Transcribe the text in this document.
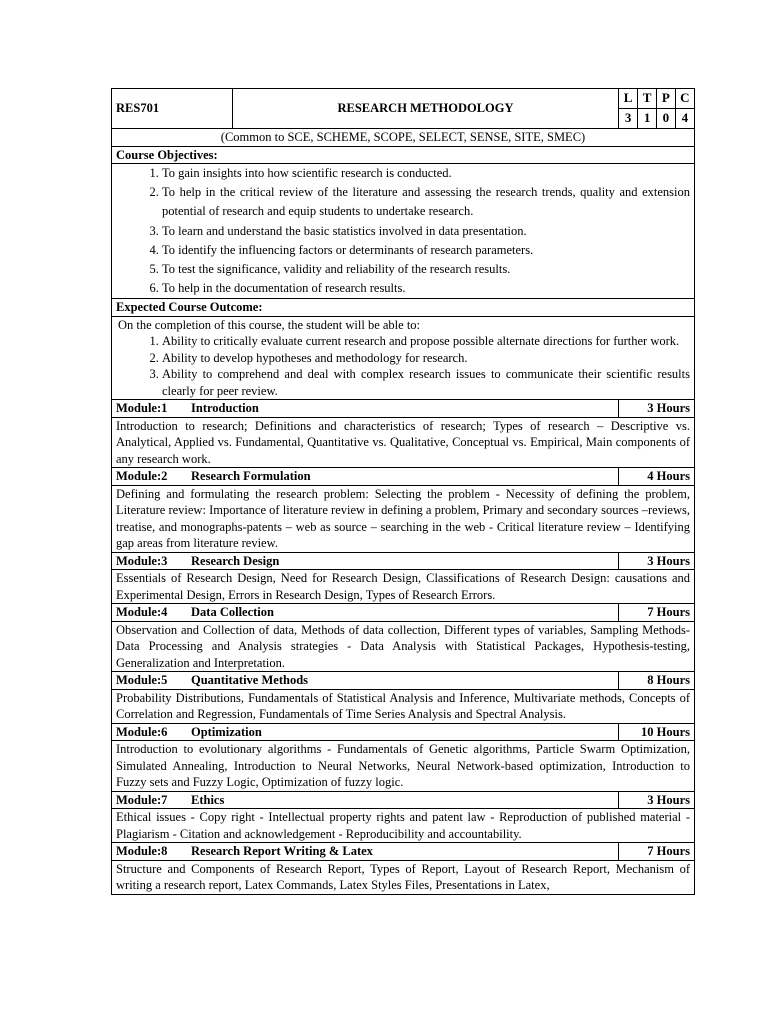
RES701	RESEARCH METHODOLOGY	
L	T	P	C
3	1	0	4

(Common to SCE, SCHEME, SCOPE, SELECT, SENSE, SITE, SMEC)
Course Objectives:

1. To gain insights into how scientific research is conducted.
2. To help in the critical review of the literature and assessing the research trends, quality and extension potential of research and equip students to undertake research.
3. To learn and understand the basic statistics involved in data presentation.
4. To identify the influencing factors or determinants of research parameters.
5. To test the significance, validity and reliability of the research results.
6. To help in the documentation of research results.

Expected Course Outcome:

On the completion of this course, the student will be able to:
1. Ability to critically evaluate current research and propose possible alternate directions for further work.
2. Ability to develop hypotheses and methodology for research.
3. Ability to comprehend and deal with complex research issues to communicate their scientific results clearly for peer review.

Module:1 Introduction	3 Hours
Introduction to research; Definitions and characteristics of research; Types of research – Descriptive vs. Analytical, Applied vs. Fundamental, Quantitative vs. Qualitative, Conceptual vs. Empirical, Main components of any research work.
Module:2 Research Formulation	4 Hours
Defining and formulating the research problem: Selecting the problem - Necessity of defining the problem, Literature review: Importance of literature review in defining a problem, Primary and secondary sources –reviews, treatise, and monographs-patents – web as source – searching in the web - Critical literature review – Identifying gap areas from literature review.
Module:3 Research Design	3 Hours
Essentials of Research Design, Need for Research Design, Classifications of Research Design: causations and Experimental Design, Errors in Research Design, Types of Research Errors.
Module:4 Data Collection	7 Hours
Observation and Collection of data, Methods of data collection, Different types of variables, Sampling Methods- Data Processing and Analysis strategies - Data Analysis with Statistical Packages, Hypothesis-testing, Generalization and Interpretation.
Module:5 Quantitative Methods	8 Hours
Probability Distributions, Fundamentals of Statistical Analysis and Inference, Multivariate methods, Concepts of Correlation and Regression, Fundamentals of Time Series Analysis and Spectral Analysis.
Module:6 Optimization	10 Hours
Introduction to evolutionary algorithms - Fundamentals of Genetic algorithms, Particle Swarm Optimization, Simulated Annealing, Introduction to Neural Networks, Neural Network-based optimization, Introduction to Fuzzy sets and Fuzzy Logic, Optimization of fuzzy logic.
Module:7 Ethics	3 Hours
Ethical issues - Copy right - Intellectual property rights and patent law - Reproduction of published material - Plagiarism - Citation and acknowledgement - Reproducibility and accountability.
Module:8 Research Report Writing & Latex	7 Hours
Structure and Components of Research Report, Types of Report, Layout of Research Report, Mechanism of writing a research report, Latex Commands, Latex Styles Files, Presentations in Latex,
